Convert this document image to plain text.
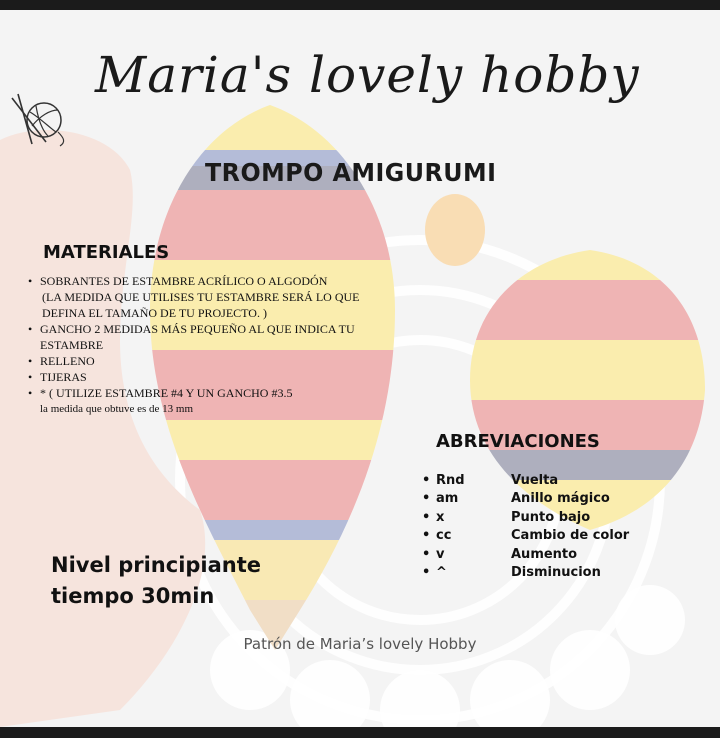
Maria's lovely hobby
TROMPO AMIGURUMI
MATERIALES
• SOBRANTES DE ESTAMBRE ACRÍLICO O ALGODÓN
(LA MEDIDA QUE UTILISES TU ESTAMBRE SERÁ LO QUE
DEFINA EL TAMAÑO DE TU PROJECTO. )
• GANCHO 2 MEDIDAS MÁS PEQUEÑO AL QUE INDICA TU
ESTAMBRE
• RELLENO
• TIJERAS
• * ( UTILIZE ESTAMBRE #4 Y UN GANCHO #3.5
la medida que obtuve es de 13 mm
ABREVIACIONES
•	Rnd	Vuelta
•	am	Anillo mágico
•	x	Punto bajo
•	cc	Cambio de color
•	v	Aumento
•	^	Disminucion
Nivel principiante
tiempo 30min
Patrón de Maria’s lovely Hobby
